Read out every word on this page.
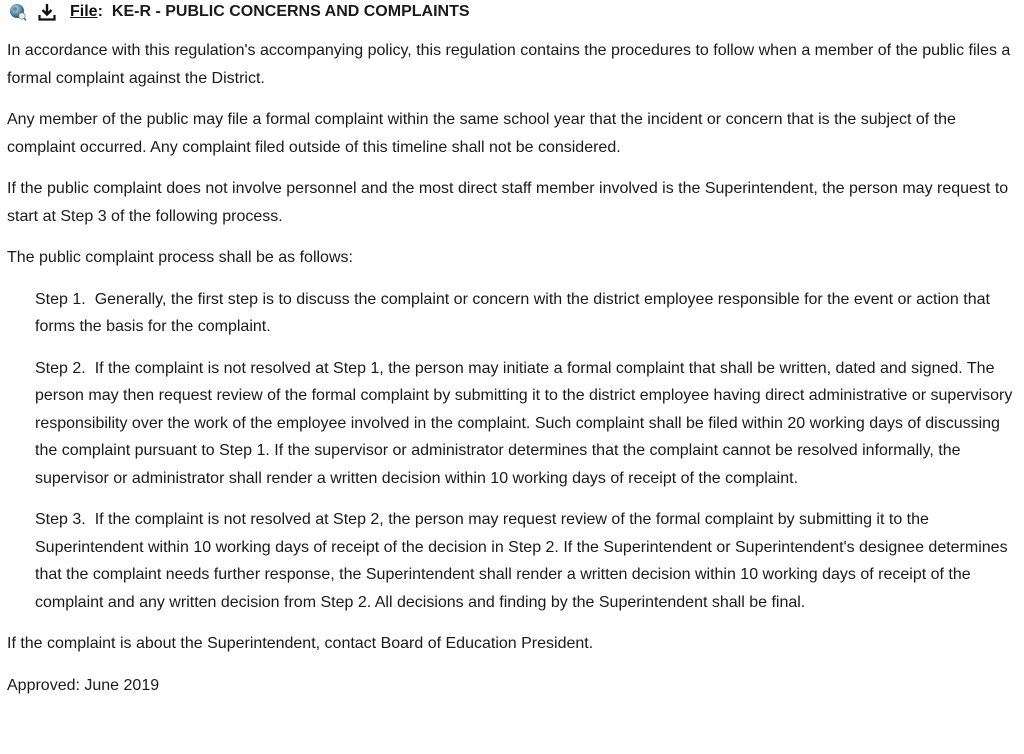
File : KE-R - PUBLIC CONCERNS AND COMPLAINTS

In accordance with this regulation's accompanying policy, this regulation contains the procedures to follow when a member of the public files a formal complaint against the District.

Any member of the public may file a formal complaint within the same school year that the incident or concern that is the subject of the complaint occurred. Any complaint filed outside of this timeline shall not be considered.

If the public complaint does not involve personnel and the most direct staff member involved is the Superintendent, the person may request to start at Step 3 of the following process.

The public complaint process shall be as follows:

Step 1. Generally, the first step is to discuss the complaint or concern with the district employee responsible for the event or action that forms the basis for the complaint.

Step 2. If the complaint is not resolved at Step 1, the person may initiate a formal complaint that shall be written, dated and signed. The person may then request review of the formal complaint by submitting it to the district employee having direct administrative or supervisory responsibility over the work of the employee involved in the complaint. Such complaint shall be filed within 20 working days of discussing the complaint pursuant to Step 1. If the supervisor or administrator determines that the complaint cannot be resolved informally, the supervisor or administrator shall render a written decision within 10 working days of receipt of the complaint.

Step 3. If the complaint is not resolved at Step 2, the person may request review of the formal complaint by submitting it to the Superintendent within 10 working days of receipt of the decision in Step 2. If the Superintendent or Superintendent's designee determines that the complaint needs further response, the Superintendent shall render a written decision within 10 working days of receipt of the complaint and any written decision from Step 2. All decisions and finding by the Superintendent shall be final.

If the complaint is about the Superintendent, contact Board of Education President.

Approved: June 2019
